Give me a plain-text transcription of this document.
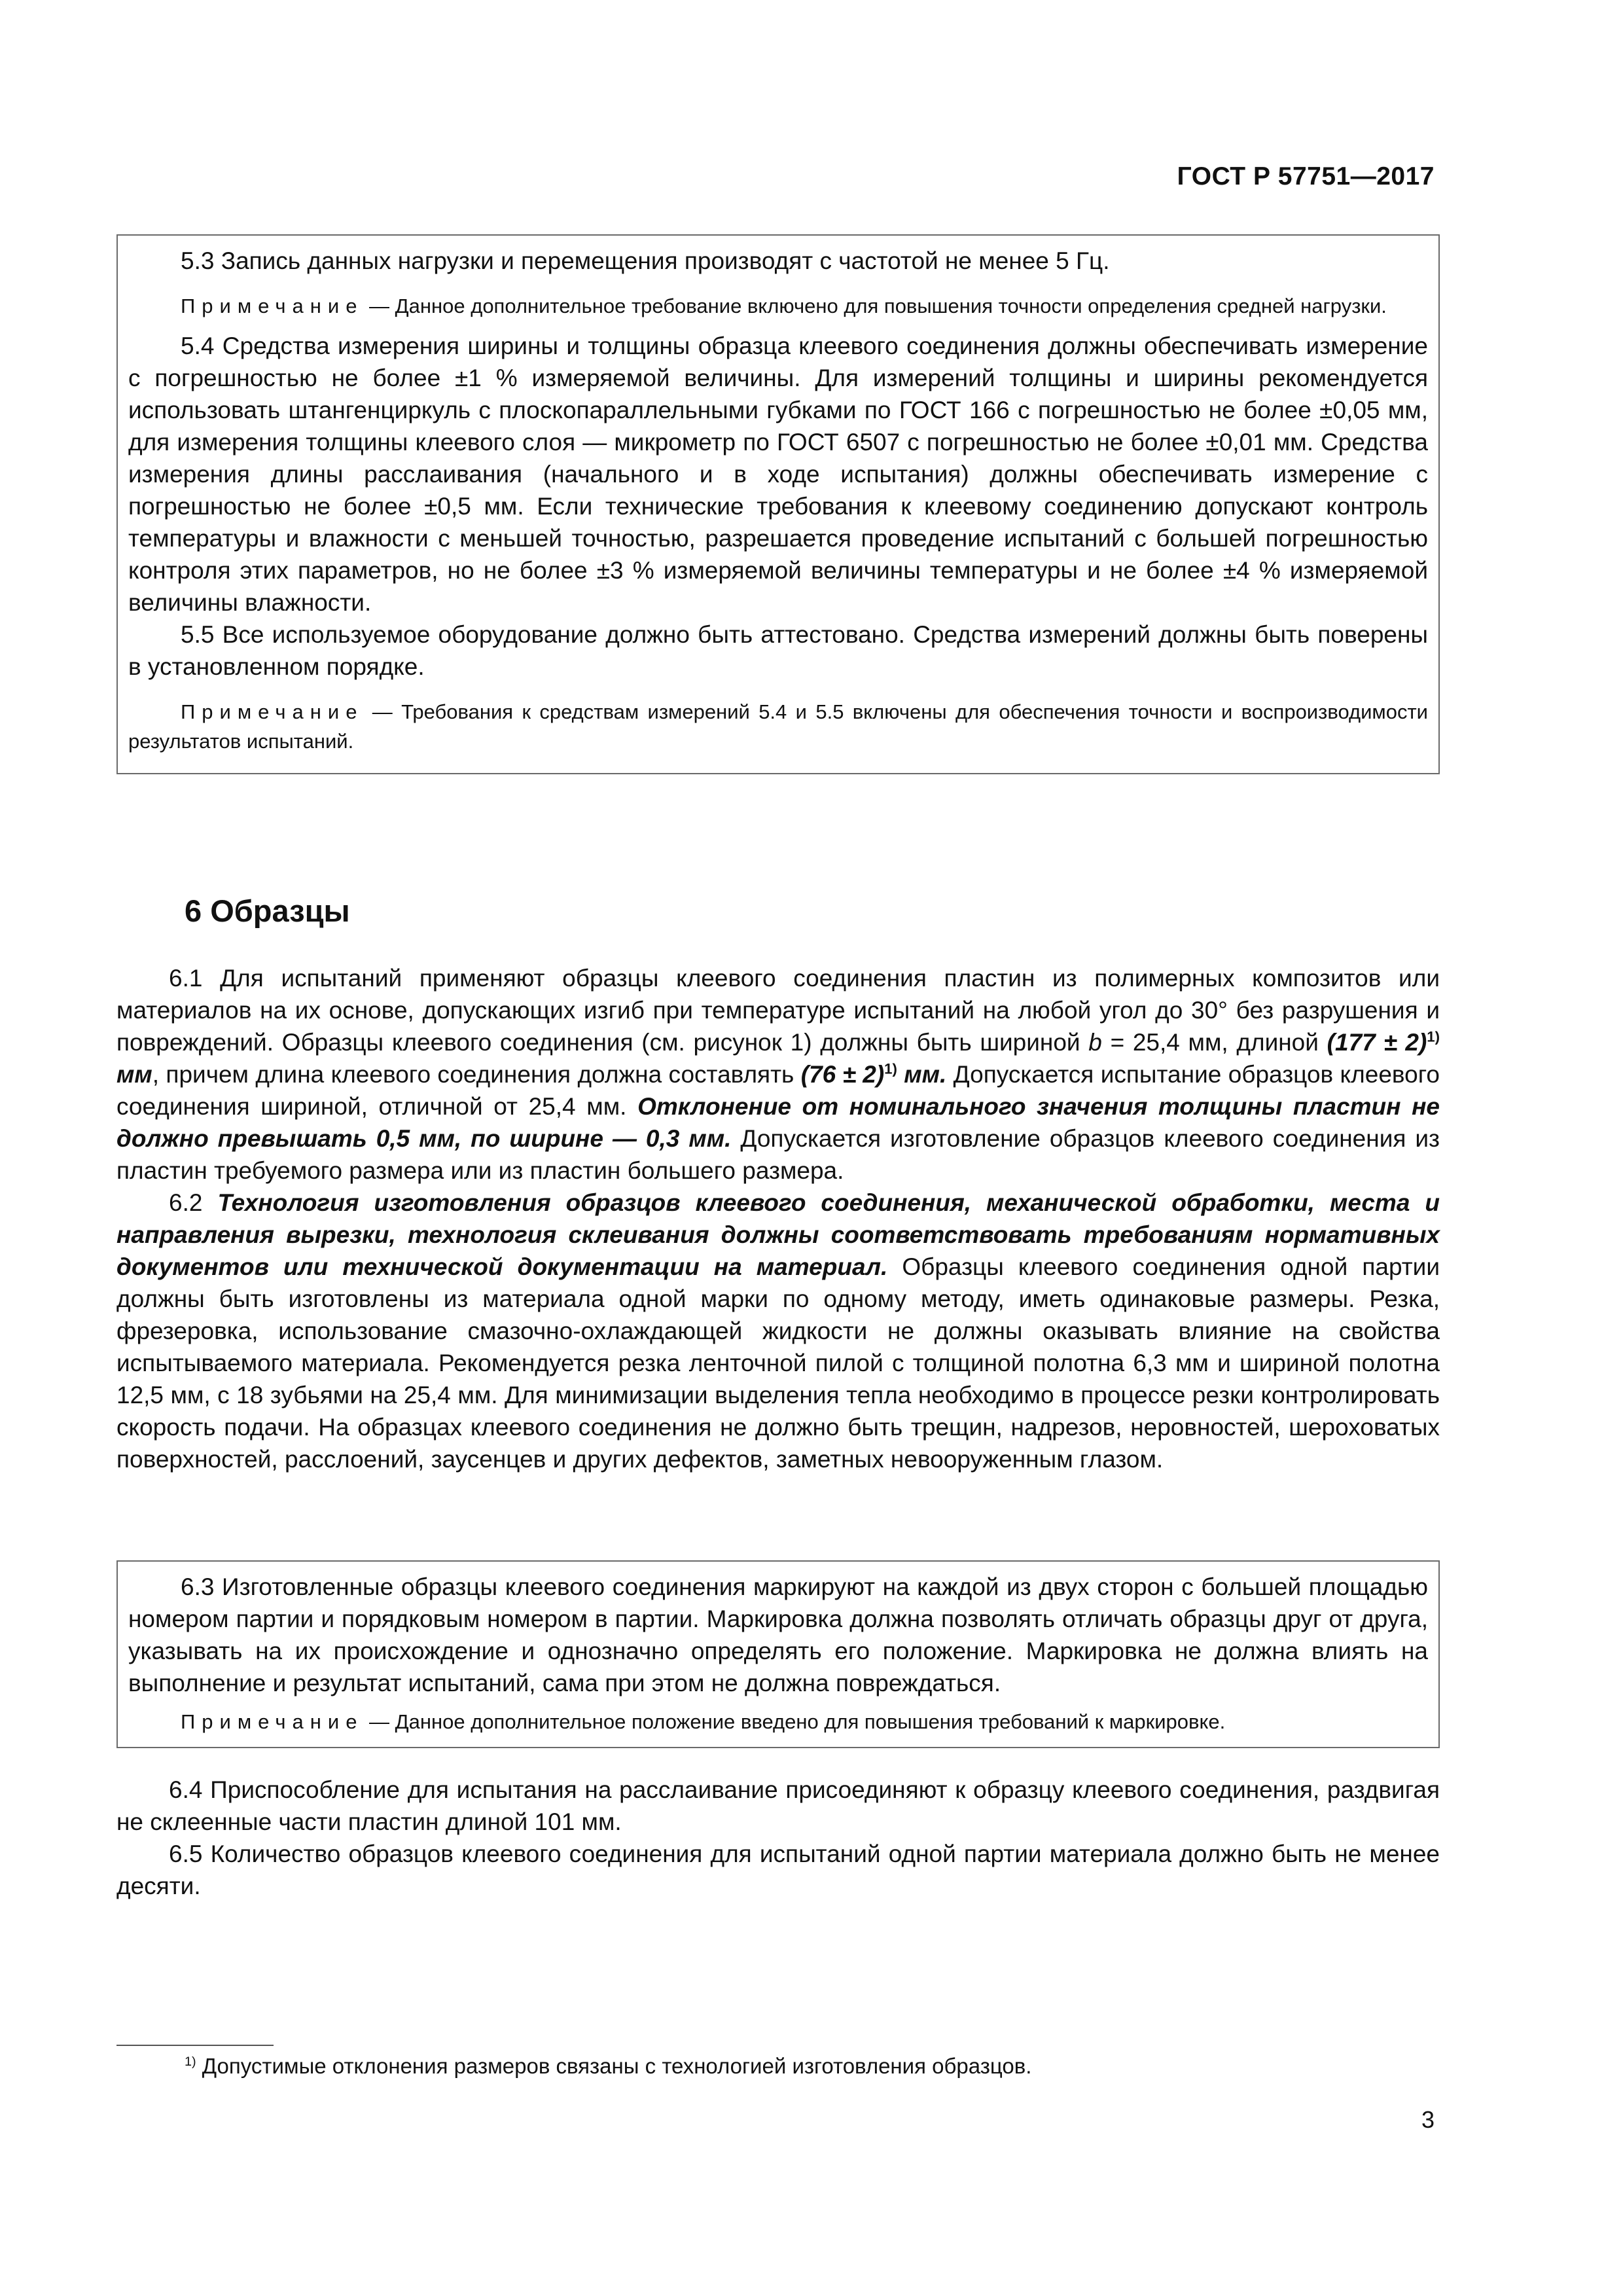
ГОСТ Р 57751—2017

5.3 Запись данных нагрузки и перемещения производят с частотой не менее 5 Гц.

Примечание — Данное дополнительное требование включено для повышения точности определения средней нагрузки.

5.4 Средства измерения ширины и толщины образца клеевого соединения должны обеспечивать измерение с погрешностью не более ±1 % измеряемой величины. Для измерений толщины и ширины рекомендуется использовать штангенциркуль с плоскопараллельными губками по ГОСТ 166 с погрешностью не более ±0,05 мм, для измерения толщины клеевого слоя — микрометр по ГОСТ 6507 с погрешностью не более ±0,01 мм. Средства измерения длины расслаивания (начального и в ходе испытания) должны обеспечивать измерение с погрешностью не более ±0,5 мм. Если технические требования к клеевому соединению допускают контроль температуры и влажности с меньшей точностью, разрешается проведение испытаний с большей погрешностью контроля этих параметров, но не более ±3 % измеряемой величины температуры и не более ±4 % измеряемой величины влажности.

5.5 Все используемое оборудование должно быть аттестовано. Средства измерений должны быть поверены в установленном порядке.

Примечание — Требования к средствам измерений 5.4 и 5.5 включены для обеспечения точности и воспроизводимости результатов испытаний.

6 Образцы

6.1 Для испытаний применяют образцы клеевого соединения пластин из полимерных композитов или материалов на их основе, допускающих изгиб при температуре испытаний на любой угол до 30° без разрушения и повреждений. Образцы клеевого соединения (см. рисунок 1) должны быть шириной b = 25,4 мм, длиной $(177 \pm 2)^{1)}$ мм, причем длина клеевого соединения должна составлять $(76 \pm 2)^{1)}$ мм. Допускается испытание образцов клеевого соединения шириной, отличной от 25,4 мм. Отклонение от номинального значения толщины пластин не должно превышать 0,5 мм, по ширине — 0,3 мм. Допускается изготовление образцов клеевого соединения из пластин требуемого размера или из пластин большего размера.

6.2 Технология изготовления образцов клеевого соединения, механической обработки, места и направления вырезки, технология склеивания должны соответствовать требованиям нормативных документов или технической документации на материал. Образцы клеевого соединения одной партии должны быть изготовлены из материала одной марки по одному методу, иметь одинаковые размеры. Резка, фрезеровка, использование смазочно-охлаждающей жидкости не должны оказывать влияние на свойства испытываемого материала. Рекомендуется резка ленточной пилой с толщиной полотна 6,3 мм и шириной полотна 12,5 мм, с 18 зубьями на 25,4 мм. Для минимизации выделения тепла необходимо в процессе резки контролировать скорость подачи. На образцах клеевого соединения не должно быть трещин, надрезов, неровностей, шероховатых поверхностей, расслоений, заусенцев и других дефектов, заметных невооруженным глазом.

6.3 Изготовленные образцы клеевого соединения маркируют на каждой из двух сторон с большей площадью номером партии и порядковым номером в партии. Маркировка должна позволять отличать образцы друг от друга, указывать на их происхождение и однозначно определять его положение. Маркировка не должна влиять на выполнение и результат испытаний, сама при этом не должна повреждаться.

Примечание — Данное дополнительное положение введено для повышения требований к маркировке.

6.4 Приспособление для испытания на расслаивание присоединяют к образцу клеевого соединения, раздвигая не склеенные части пластин длиной 101 мм.

6.5 Количество образцов клеевого соединения для испытаний одной партии материала должно быть не менее десяти.

$^{1)}$ Допустимые отклонения размеров связаны с технологией изготовления образцов.
3
